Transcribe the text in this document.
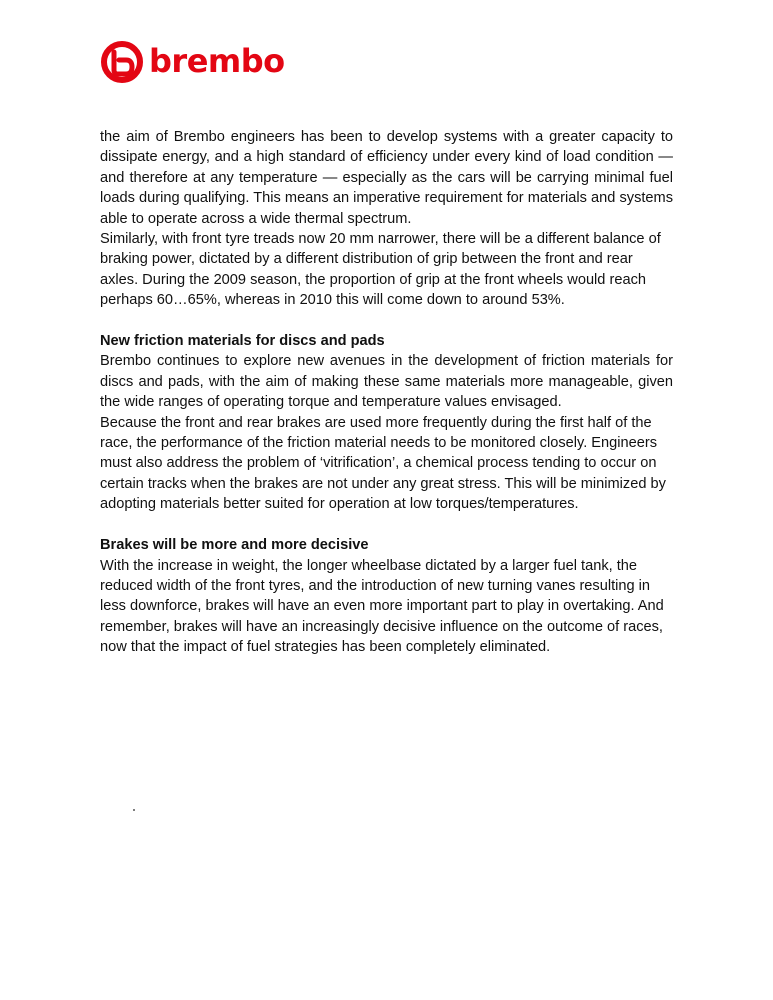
brembo

the aim of Brembo engineers has been to develop systems with a greater capacity to dissipate energy, and a high standard of efficiency under every kind of load condition — and therefore at any temperature — especially as the cars will be carrying minimal fuel loads during qualifying. This means an imperative requirement for materials and systems able to operate across a wide thermal spectrum.

Similarly, with front tyre treads now 20 mm narrower, there will be a different balance of braking power, dictated by a different distribution of grip between the front and rear axles. During the 2009 season, the proportion of grip at the front wheels would reach perhaps 60…65%, whereas in 2010 this will come down to around 53%.

New friction materials for discs and pads

Brembo continues to explore new avenues in the development of friction materials for discs and pads, with the aim of making these same materials more manageable, given the wide ranges of operating torque and temperature values envisaged.

Because the front and rear brakes are used more frequently during the first half of the race, the performance of the friction material needs to be monitored closely. Engineers must also address the problem of ‘vitrification’, a chemical process tending to occur on certain tracks when the brakes are not under any great stress. This will be minimized by adopting materials better suited for operation at low torques/temperatures.

Brakes will be more and more decisive

With the increase in weight, the longer wheelbase dictated by a larger fuel tank, the reduced width of the front tyres, and the introduction of new turning vanes resulting in less downforce, brakes will have an even more important part to play in overtaking. And remember, brakes will have an increasingly decisive influence on the outcome of races, now that the impact of fuel strategies has been completely eliminated.
